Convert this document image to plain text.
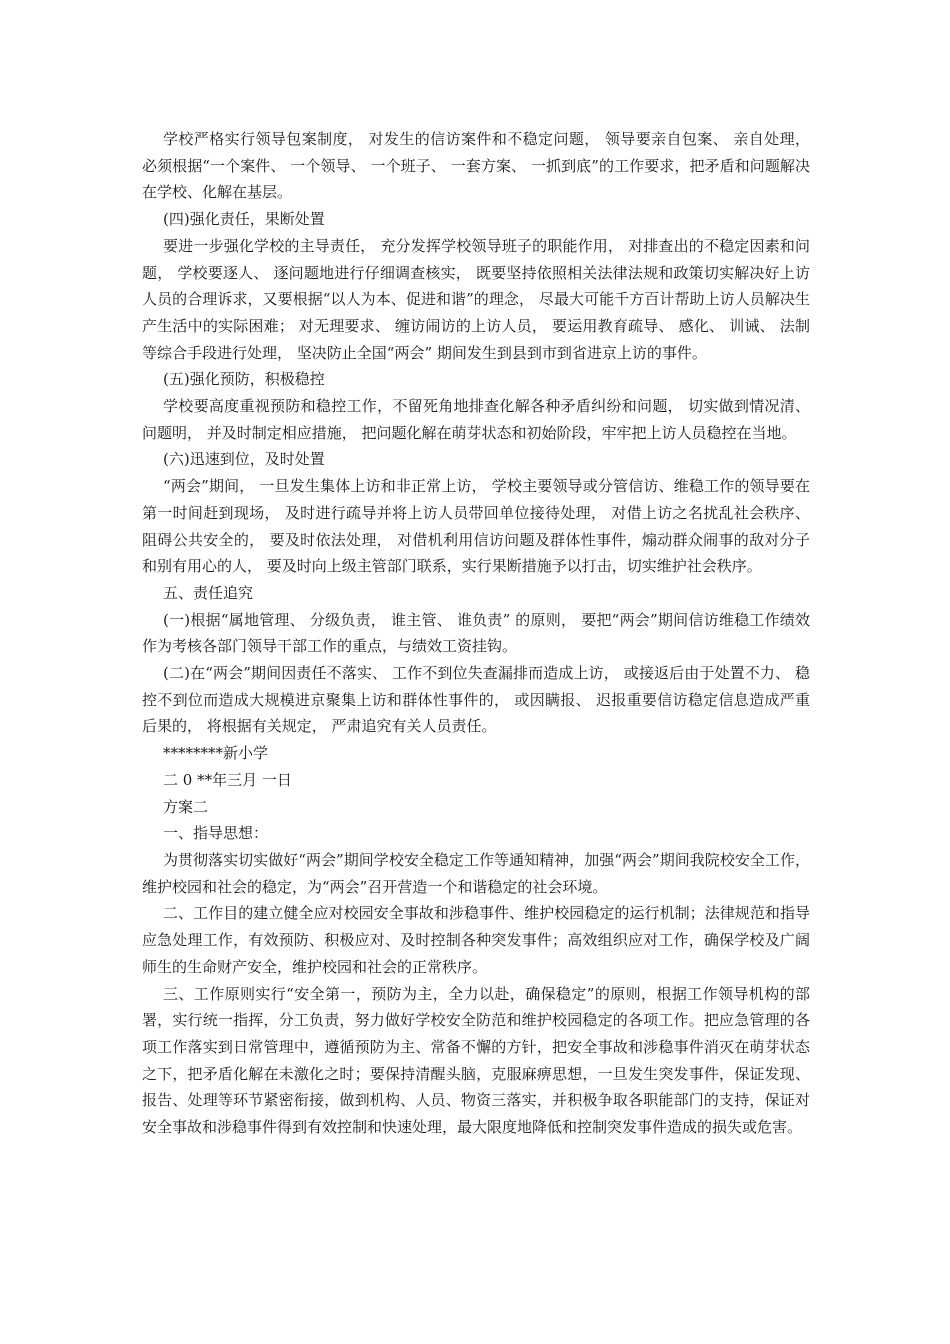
学校严格实行领导包案制度， 对发生的信访案件和不稳定问题， 领导要亲自包案、 亲自处理， 必须根据“一个案件、 一个领导、 一个班子、 一套方案、 一抓到底”的工作要求，把矛盾和问题解决在学校、化解在基层。

(四)强化责任，果断处置

要进一步强化学校的主导责任， 充分发挥学校领导班子的职能作用， 对排查出的不稳定因素和问题， 学校要逐人、 逐问题地进行仔细调查核实， 既要坚持依照相关法律法规和政策切实解决好上访人员的合理诉求，又要根据“以人为本、促进和谐”的理念， 尽最大可能千方百计帮助上访人员解决生产生活中的实际困难； 对无理要求、 缠访闹访的上访人员， 要运用教育疏导、 感化、 训诫、 法制等综合手段进行处理， 坚决防止全国“两会” 期间发生到县到市到省进京上访的事件。

(五)强化预防，积极稳控

学校要高度重视预防和稳控工作，不留死角地排查化解各种矛盾纠纷和问题， 切实做到情况清、 问题明， 并及时制定相应措施， 把问题化解在萌芽状态和初始阶段，牢牢把上访人员稳控在当地。

(六)迅速到位，及时处置

“两会”期间， 一旦发生集体上访和非正常上访， 学校主要领导或分管信访、维稳工作的领导要在第一时间赶到现场， 及时进行疏导并将上访人员带回单位接待处理， 对借上访之名扰乱社会秩序、 阻碍公共安全的， 要及时依法处理， 对借机利用信访问题及群体性事件，煽动群众闹事的敌对分子和别有用心的人， 要及时向上级主管部门联系，实行果断措施予以打击，切实维护社会秩序。

五、责任追究

(一)根据“属地管理、 分级负责， 谁主管、 谁负责” 的原则， 要把“两会”期间信访维稳工作绩效作为考核各部门领导干部工作的重点，与绩效工资挂钩。

(二)在“两会”期间因责任不落实、 工作不到位失查漏排而造成上访， 或接返后由于处置不力、 稳控不到位而造成大规模进京聚集上访和群体性事件的， 或因瞒报、 迟报重要信访稳定信息造成严重后果的， 将根据有关规定， 严肃追究有关人员责任。

********新小学

二 0 **年三月 一日

方案二

一、指导思想：

为贯彻落实切实做好“两会”期间学校安全稳定工作等通知精神，加强“两会”期间我院校安全工作，维护校园和社会的稳定，为“两会”召开营造一个和谐稳定的社会环境。

二、工作目的建立健全应对校园安全事故和涉稳事件、维护校园稳定的运行机制；法律规范和指导应急处理工作，有效预防、积极应对、及时控制各种突发事件；高效组织应对工作，确保学校及广阔师生的生命财产安全，维护校园和社会的正常秩序。

三、工作原则实行“安全第一，预防为主，全力以赴，确保稳定”的原则，根据工作领导机构的部署，实行统一指挥，分工负责，努力做好学校安全防范和维护校园稳定的各项工作。把应急管理的各项工作落实到日常管理中，遵循预防为主、常备不懈的方针，把安全事故和涉稳事件消灭在萌芽状态之下，把矛盾化解在未激化之时；要保持清醒头脑，克服麻痹思想，一旦发生突发事件，保证发现、报告、处理等环节紧密衔接，做到机构、人员、物资三落实，并积极争取各职能部门的支持，保证对安全事故和涉稳事件得到有效控制和快速处理，最大限度地降低和控制突发事件造成的损失或危害。
